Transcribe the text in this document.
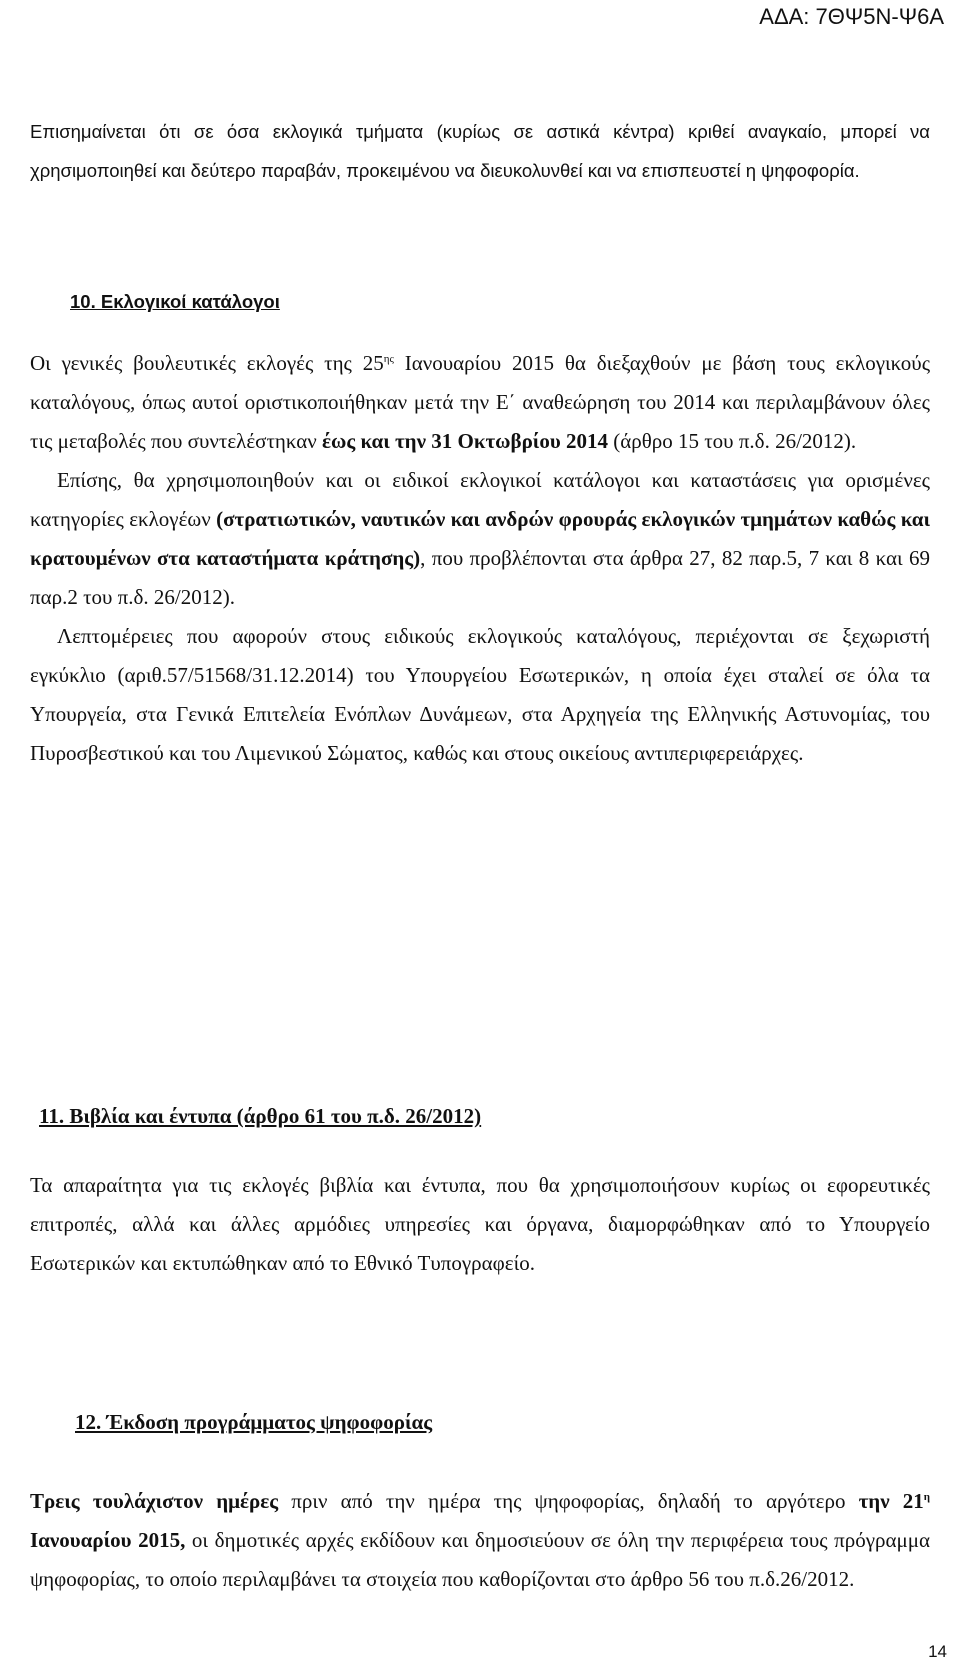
ΑΔΑ: 7ΘΨ5Ν-Ψ6Α

Επισημαίνεται ότι σε όσα εκλογικά τμήματα (κυρίως σε αστικά κέντρα) κριθεί αναγκαίο, μπορεί να χρησιμοποιηθεί και δεύτερο παραβάν, προκειμένου να διευκολυνθεί και να επισπευστεί η ψηφοφορία.

10. Εκλογικοί κατάλογοι

Οι γενικές βουλευτικές εκλογές της $25^{\eta\varsigma}$ Ιανουαρίου 2015 θα διεξαχθούν με βάση τους εκλογικούς καταλόγους, όπως αυτοί οριστικοποιήθηκαν μετά την Ε΄ αναθεώρηση του 2014 και περιλαμβάνουν όλες τις μεταβολές που συντελέστηκαν έως και την 31 Οκτωβρίου 2014 (άρθρο 15 του π.δ. 26/2012).

Επίσης, θα χρησιμοποιηθούν και οι ειδικοί εκλογικοί κατάλογοι και καταστάσεις για ορισμένες κατηγορίες εκλογέων (στρατιωτικών, ναυτικών και ανδρών φρουράς εκλογικών τμημάτων καθώς και κρατουμένων στα καταστήματα κράτησης), που προβλέπονται στα άρθρα 27, 82 παρ.5, 7 και 8 και 69 παρ.2 του π.δ. 26/2012).

Λεπτομέρειες που αφορούν στους ειδικούς εκλογικούς καταλόγους, περιέχονται σε ξεχωριστή εγκύκλιο (αριθ.57/51568/31.12.2014) του Υπουργείου Εσωτερικών, η οποία έχει σταλεί σε όλα τα Υπουργεία, στα Γενικά Επιτελεία Ενόπλων Δυνάμεων, στα Αρχηγεία της Ελληνικής Αστυνομίας, του Πυροσβεστικού και του Λιμενικού Σώματος, καθώς και στους οικείους αντιπεριφερειάρχες.

11. Βιβλία και έντυπα (άρθρο 61 του π.δ. 26/2012)

Τα απαραίτητα για τις εκλογές βιβλία και έντυπα, που θα χρησιμοποιήσουν κυρίως οι εφορευτικές επιτροπές, αλλά και άλλες αρμόδιες υπηρεσίες και όργανα, διαμορφώθηκαν από το Υπουργείο Εσωτερικών και εκτυπώθηκαν από το Εθνικό Τυπογραφείο.

12. Έκδοση προγράμματος ψηφοφορίας

Τρεις τουλάχιστον ημέρες πριν από την ημέρα της ψηφοφορίας, δηλαδή το αργότερο την $21^\eta$ Ιανουαρίου 2015, οι δημοτικές αρχές εκδίδουν και δημοσιεύουν σε όλη την περιφέρεια τους πρόγραμμα ψηφοφορίας, το οποίο περιλαμβάνει τα στοιχεία που καθορίζονται στο άρθρο 56 του π.δ.26/2012.

14
